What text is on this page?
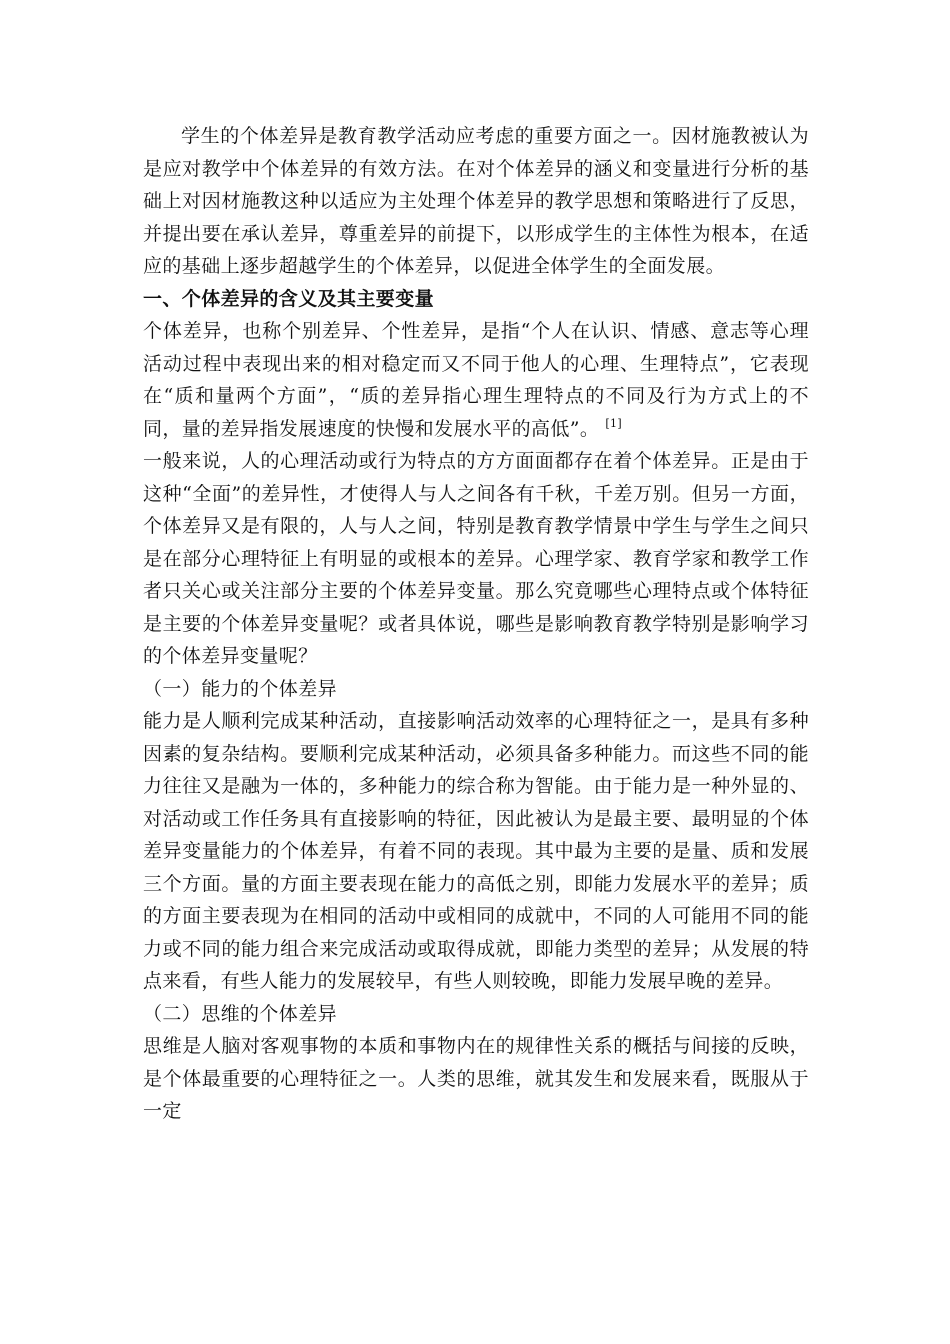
学生的个体差异是教育教学活动应考虑的重要方面之一。因材施教被认为是应对教学中个体差异的有效方法。在对个体差异的涵义和变量进行分析的基础上对因材施教这种以适应为主处理个体差异的教学思想和策略进行了反思，并提出要在承认差异，尊重差异的前提下，以形成学生的主体性为根本，在适应的基础上逐步超越学生的个体差异，以促进全体学生的全面发展。

一、个体差异的含义及其主要变量

个体差异，也称个别差异、个性差异，是指“个人在认识、情感、意志等心理活动过程中表现出来的相对稳定而又不同于他人的心理、生理特点”，它表现在“质和量两个方面”，“质的差异指心理生理特点的不同及行为方式上的不同，量的差异指发展速度的快慢和发展水平的高低”。 [1]

一般来说，人的心理活动或行为特点的方方面面都存在着个体差异。正是由于这种“全面”的差异性，才使得人与人之间各有千秋，千差万别。但另一方面，个体差异又是有限的，人与人之间，特别是教育教学情景中学生与学生之间只是在部分心理特征上有明显的或根本的差异。心理学家、教育学家和教学工作者只关心或关注部分主要的个体差异变量。那么究竟哪些心理特点或个体特征是主要的个体差异变量呢？或者具体说，哪些是影响教育教学特别是影响学习的个体差异变量呢？

（一）能力的个体差异

能力是人顺利完成某种活动，直接影响活动效率的心理特征之一，是具有多种因素的复杂结构。要顺利完成某种活动，必须具备多种能力。而这些不同的能力往往又是融为一体的，多种能力的综合称为智能。由于能力是一种外显的、对活动或工作任务具有直接影响的特征，因此被认为是最主要、最明显的个体差异变量能力的个体差异，有着不同的表现。其中最为主要的是量、质和发展三个方面。量的方面主要表现在能力的高低之别，即能力发展水平的差异；质的方面主要表现为在相同的活动中或相同的成就中，不同的人可能用不同的能力或不同的能力组合来完成活动或取得成就，即能力类型的差异；从发展的特点来看，有些人能力的发展较早，有些人则较晚，即能力发展早晚的差异。

（二）思维的个体差异

思维是人脑对客观事物的本质和事物内在的规律性关系的概括与间接的反映，是个体最重要的心理特征之一。人类的思维，就其发生和发展来看，既服从于一定
